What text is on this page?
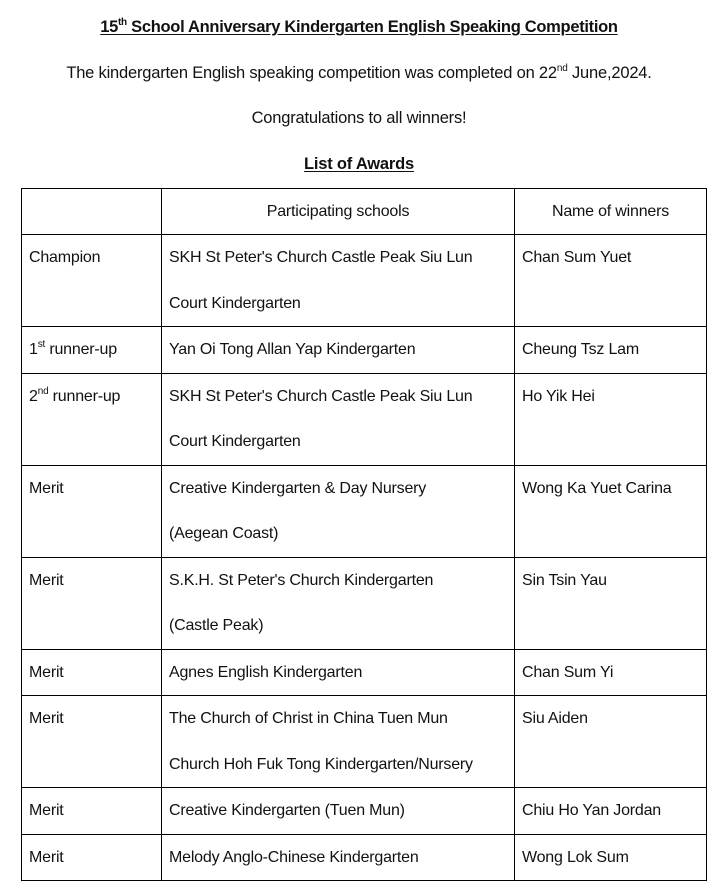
15th School Anniversary Kindergarten English Speaking Competition
The kindergarten English speaking competition was completed on 22nd June,2024.
Congratulations to all winners!
List of Awards
	Participating schools	Name of winners

Champion	SKH St Peter's Church Castle Peak Siu Lun
Court Kindergarten	Chan Sum Yuet

1st runner-up	Yan Oi Tong Allan Yap Kindergarten	Cheung Tsz Lam

2nd runner-up	SKH St Peter's Church Castle Peak Siu Lun
Court Kindergarten	Ho Yik Hei

Merit	Creative Kindergarten & Day Nursery
(Aegean Coast)	Wong Ka Yuet Carina

Merit	S.K.H. St Peter's Church Kindergarten
(Castle Peak)	Sin Tsin Yau

Merit	Agnes English Kindergarten	Chan Sum Yi

Merit	The Church of Christ in China Tuen Mun
Church Hoh Fuk Tong Kindergarten/Nursery	Siu Aiden

Merit	Creative Kindergarten (Tuen Mun)	Chiu Ho Yan Jordan

Merit	Melody Anglo-Chinese Kindergarten	Wong Lok Sum
